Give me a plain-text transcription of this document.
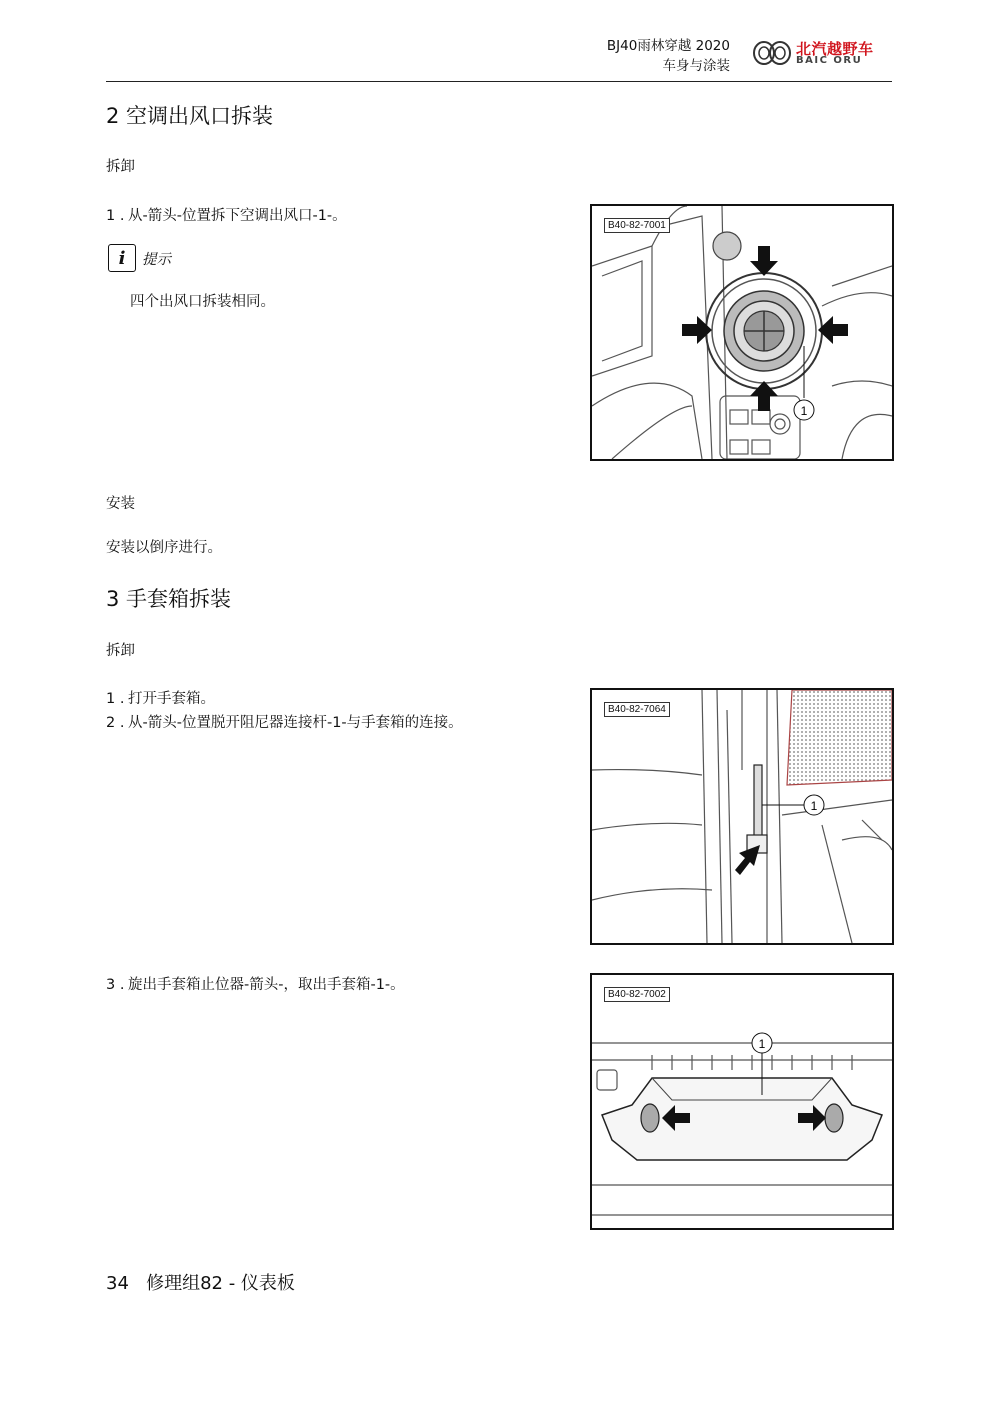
BJ40雨林穿越 2020
车身与涂装
北汽越野车
BAIC ORU
2 空调出风口拆装
拆卸
1 . 从-箭头-位置拆下空调出风口-1-。
i	提示
四个出风口拆装相同。
1
B40-82-7001
安装
安装以倒序进行。
3 手套箱拆装
拆卸
1 . 打开手套箱。
2 . 从-箭头-位置脱开阻尼器连接杆-1-与手套箱的连接。
1
B40-82-7064
3 . 旋出手套箱止位器-箭头-，取出手套箱-1-。
1
B40-82-7002
34   修理组82 - 仪表板
